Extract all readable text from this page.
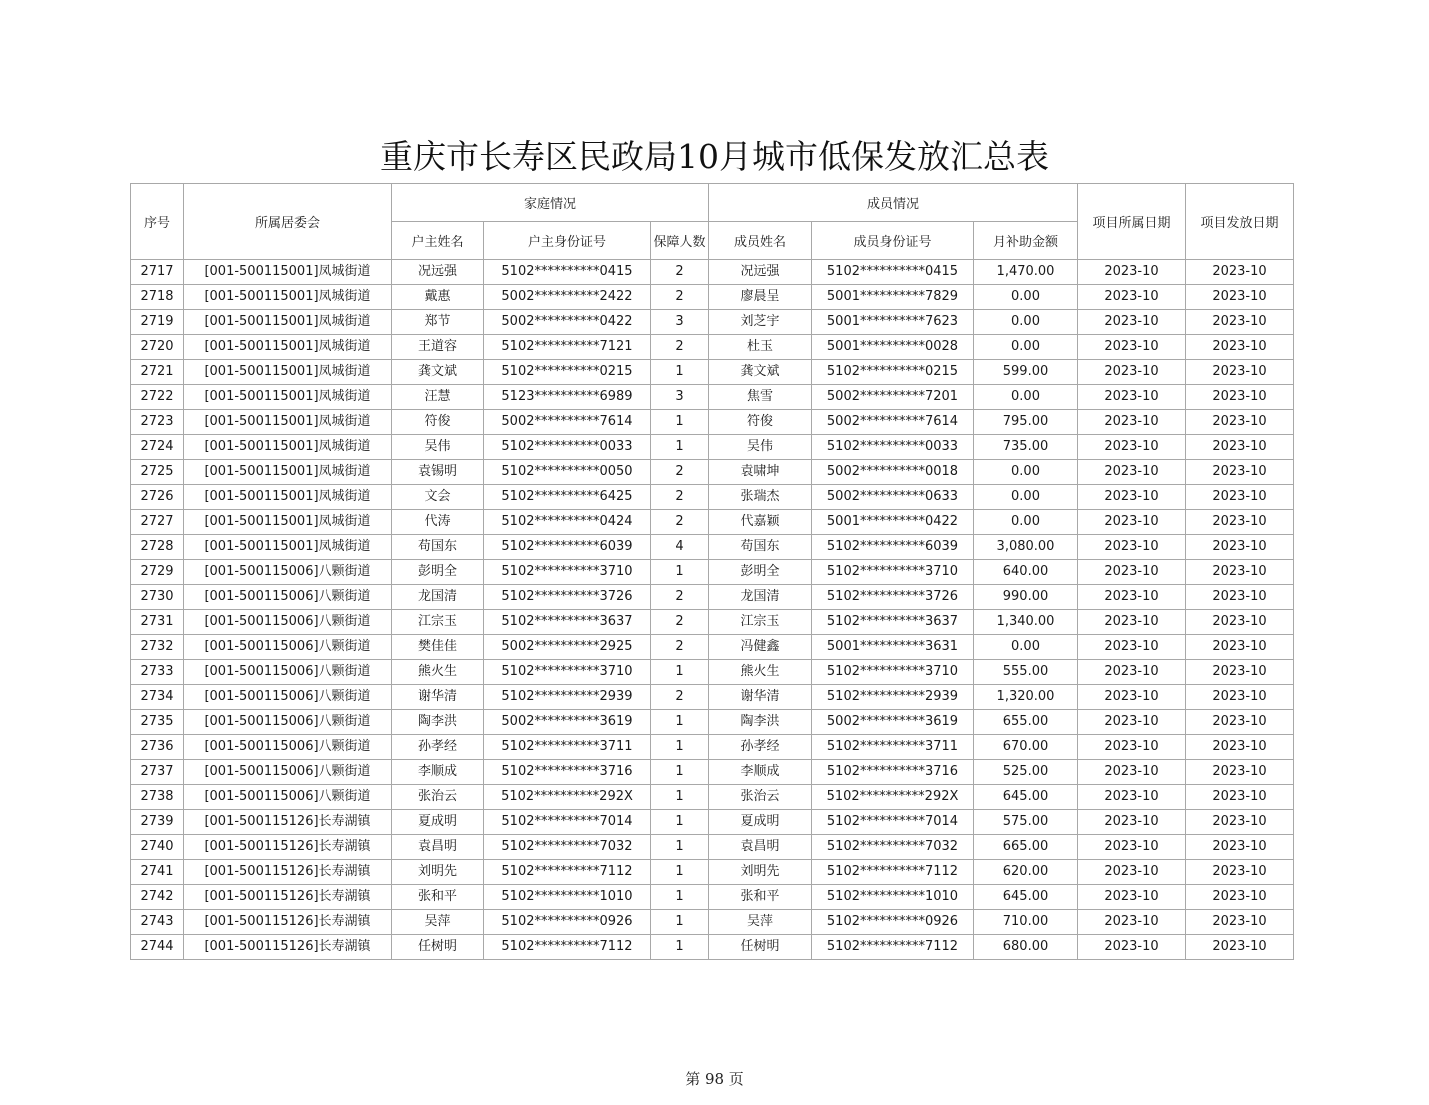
重庆市长寿区民政局10月城市低保发放汇总表
序号	所属居委会	家庭情况			成员情况			项目所属日期	项目发放日期
		户主姓名	户主身份证号	保障人数	成员姓名	成员身份证号	月补助金额		
2717	[001-500115001]凤城街道	况远强	5102**********0415	2	况远强	5102**********0415	1,470.00	2023-10	2023-10
2718	[001-500115001]凤城街道	戴惠	5002**********2422	2	廖晨呈	5001**********7829	0.00	2023-10	2023-10
2719	[001-500115001]凤城街道	郑节	5002**********0422	3	刘芝宇	5001**********7623	0.00	2023-10	2023-10
2720	[001-500115001]凤城街道	王道容	5102**********7121	2	杜玉	5001**********0028	0.00	2023-10	2023-10
2721	[001-500115001]凤城街道	龚文斌	5102**********0215	1	龚文斌	5102**********0215	599.00	2023-10	2023-10
2722	[001-500115001]凤城街道	汪慧	5123**********6989	3	焦雪	5002**********7201	0.00	2023-10	2023-10
2723	[001-500115001]凤城街道	符俊	5002**********7614	1	符俊	5002**********7614	795.00	2023-10	2023-10
2724	[001-500115001]凤城街道	吴伟	5102**********0033	1	吴伟	5102**********0033	735.00	2023-10	2023-10
2725	[001-500115001]凤城街道	袁锡明	5102**********0050	2	袁啸坤	5002**********0018	0.00	2023-10	2023-10
2726	[001-500115001]凤城街道	文会	5102**********6425	2	张瑞杰	5002**********0633	0.00	2023-10	2023-10
2727	[001-500115001]凤城街道	代涛	5102**********0424	2	代嘉颖	5001**********0422	0.00	2023-10	2023-10
2728	[001-500115001]凤城街道	苟国东	5102**********6039	4	苟国东	5102**********6039	3,080.00	2023-10	2023-10
2729	[001-500115006]八颗街道	彭明全	5102**********3710	1	彭明全	5102**********3710	640.00	2023-10	2023-10
2730	[001-500115006]八颗街道	龙国清	5102**********3726	2	龙国清	5102**********3726	990.00	2023-10	2023-10
2731	[001-500115006]八颗街道	江宗玉	5102**********3637	2	江宗玉	5102**********3637	1,340.00	2023-10	2023-10
2732	[001-500115006]八颗街道	樊佳佳	5002**********2925	2	冯健鑫	5001**********3631	0.00	2023-10	2023-10
2733	[001-500115006]八颗街道	熊火生	5102**********3710	1	熊火生	5102**********3710	555.00	2023-10	2023-10
2734	[001-500115006]八颗街道	谢华清	5102**********2939	2	谢华清	5102**********2939	1,320.00	2023-10	2023-10
2735	[001-500115006]八颗街道	陶李洪	5002**********3619	1	陶李洪	5002**********3619	655.00	2023-10	2023-10
2736	[001-500115006]八颗街道	孙孝经	5102**********3711	1	孙孝经	5102**********3711	670.00	2023-10	2023-10
2737	[001-500115006]八颗街道	李顺成	5102**********3716	1	李顺成	5102**********3716	525.00	2023-10	2023-10
2738	[001-500115006]八颗街道	张治云	5102**********292X	1	张治云	5102**********292X	645.00	2023-10	2023-10
2739	[001-500115126]长寿湖镇	夏成明	5102**********7014	1	夏成明	5102**********7014	575.00	2023-10	2023-10
2740	[001-500115126]长寿湖镇	袁昌明	5102**********7032	1	袁昌明	5102**********7032	665.00	2023-10	2023-10
2741	[001-500115126]长寿湖镇	刘明先	5102**********7112	1	刘明先	5102**********7112	620.00	2023-10	2023-10
2742	[001-500115126]长寿湖镇	张和平	5102**********1010	1	张和平	5102**********1010	645.00	2023-10	2023-10
2743	[001-500115126]长寿湖镇	吴萍	5102**********0926	1	吴萍	5102**********0926	710.00	2023-10	2023-10
2744	[001-500115126]长寿湖镇	任树明	5102**********7112	1	任树明	5102**********7112	680.00	2023-10	2023-10
第 98 页
